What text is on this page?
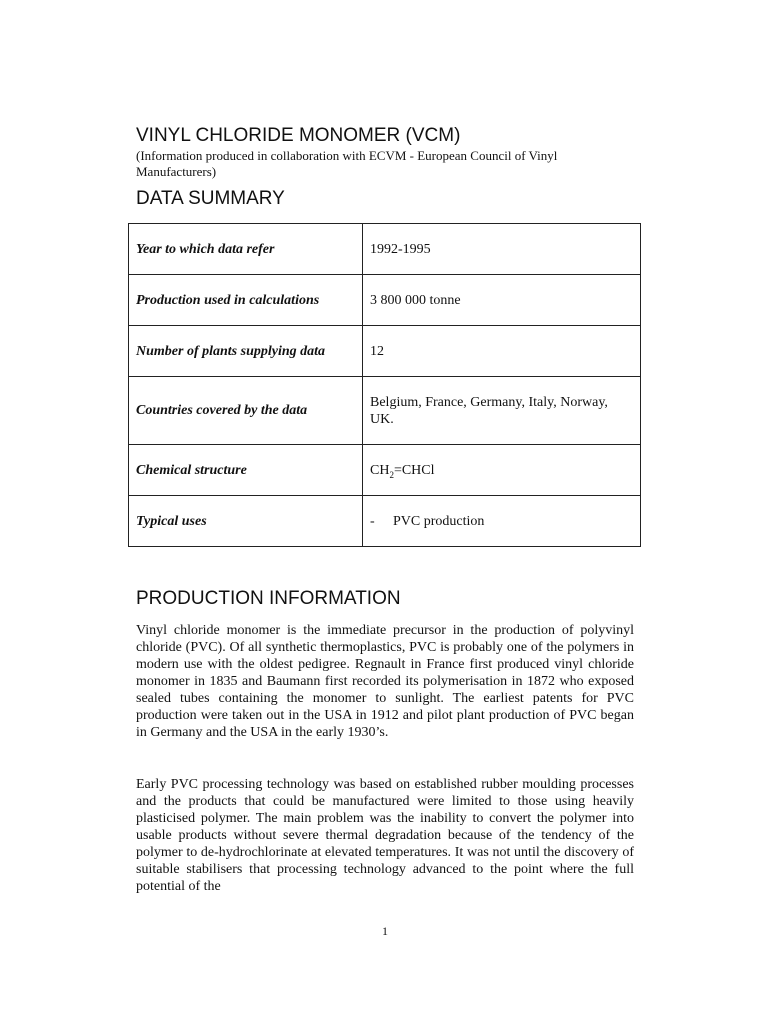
VINYL CHLORIDE MONOMER (VCM)

(Information produced in collaboration with ECVM - European Council of Vinyl Manufacturers)

DATA SUMMARY
Year to which data refer	1992-1995
Production used in calculations	3 800 000 tonne
Number of plants supplying data	12
Countries covered by the data	Belgium, France, Germany, Italy, Norway, UK.
Chemical structure	$CH_2=CHCl$
Typical uses	- PVC production
PRODUCTION INFORMATION

Vinyl chloride monomer is the immediate precursor in the production of polyvinyl chloride (PVC). Of all synthetic thermoplastics, PVC is probably one of the polymers in modern use with the oldest pedigree. Regnault in France first produced vinyl chloride monomer in 1835 and Baumann first recorded its polymerisation in 1872 who exposed sealed tubes containing the monomer to sunlight. The earliest patents for PVC production were taken out in the USA in 1912 and pilot plant production of PVC began in Germany and the USA in the early 1930’s.

Early PVC processing technology was based on established rubber moulding processes and the products that could be manufactured were limited to those using heavily plasticised polymer. The main problem was the inability to convert the polymer into usable products without severe thermal degradation because of the tendency of the polymer to de-hydrochlorinate at elevated temperatures. It was not until the discovery of suitable stabilisers that processing technology advanced to the point where the full potential of the

1
